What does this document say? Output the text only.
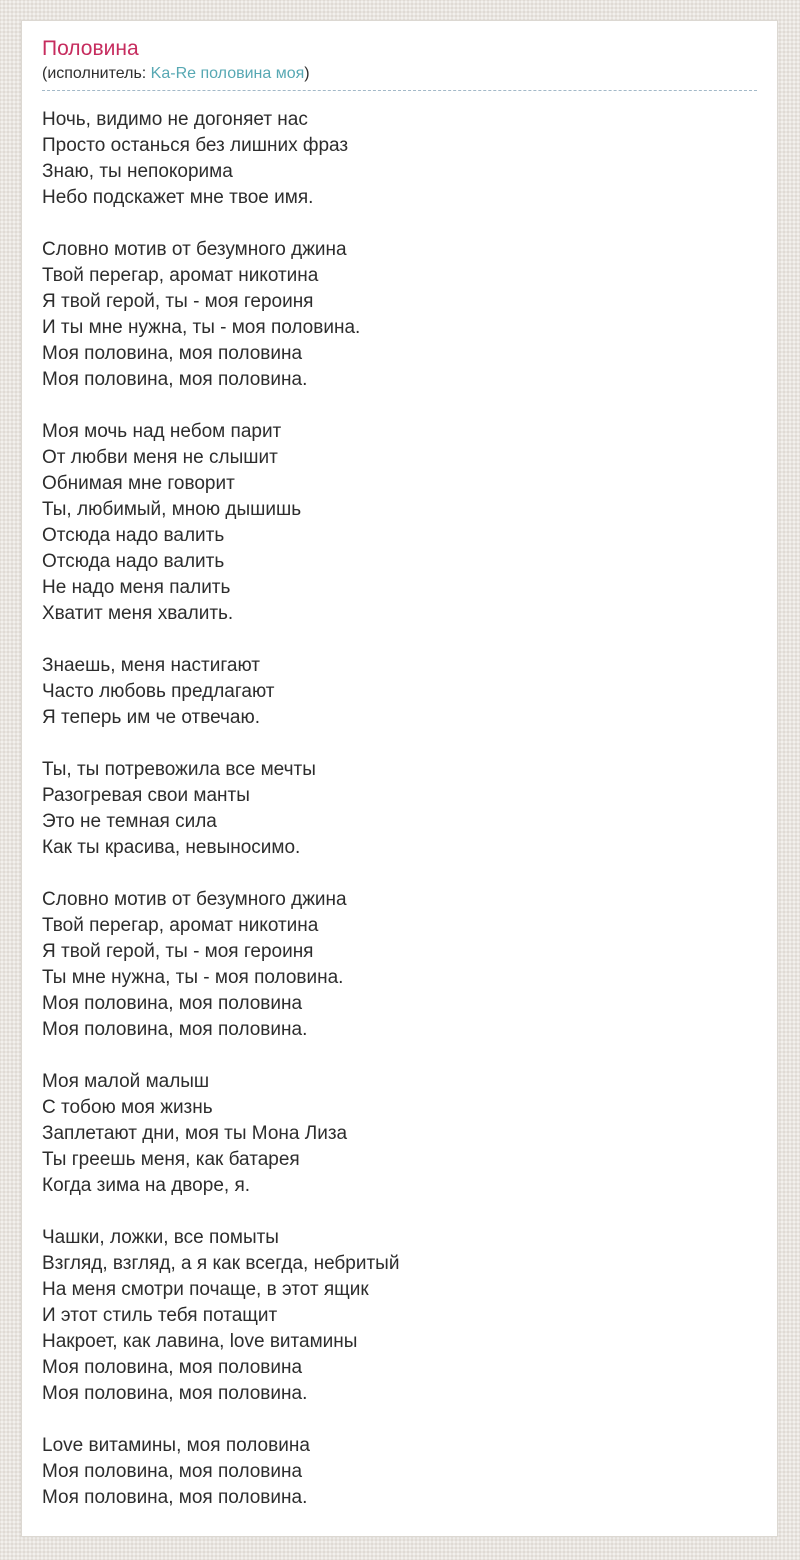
Половина
(исполнитель: Ka-Re половина моя)

Ночь, видимо не догоняет нас
Просто останься без лишних фраз
Знаю, ты непокорима
Небо подскажет мне твое имя.

Словно мотив от безумного джина
Твой перегар, аромат никотина
Я твой герой, ты - моя героиня
И ты мне нужна, ты - моя половина.
Моя половина, моя половина
Моя половина, моя половина.

Моя мочь над небом парит
От любви меня не слышит
Обнимая мне говорит
Ты, любимый, мною дышишь
Отсюда надо валить
Отсюда надо валить
Не надо меня палить
Хватит меня хвалить.

Знаешь, меня настигают
Часто любовь предлагают
Я теперь им че отвечаю.

Ты, ты потревожила все мечты
Разогревая свои манты
Это не темная сила
Как ты красива, невыносимо.

Словно мотив от безумного джина
Твой перегар, аромат никотина
Я твой герой, ты - моя героиня
Ты мне нужна, ты - моя половина.
Моя половина, моя половина
Моя половина, моя половина.

Моя малой малыш
С тобою моя жизнь
Заплетают дни, моя ты Мона Лиза
Ты греешь меня, как батарея
Когда зима на дворе, я.

Чашки, ложки, все помыты
Взгляд, взгляд, а я как всегда, небритый
На меня смотри почаще, в этот ящик
И этот стиль тебя потащит
Накроет, как лавина, love витамины
Моя половина, моя половина
Моя половина, моя половина.

Love витамины, моя половина
Моя половина, моя половина
Моя половина, моя половина.
